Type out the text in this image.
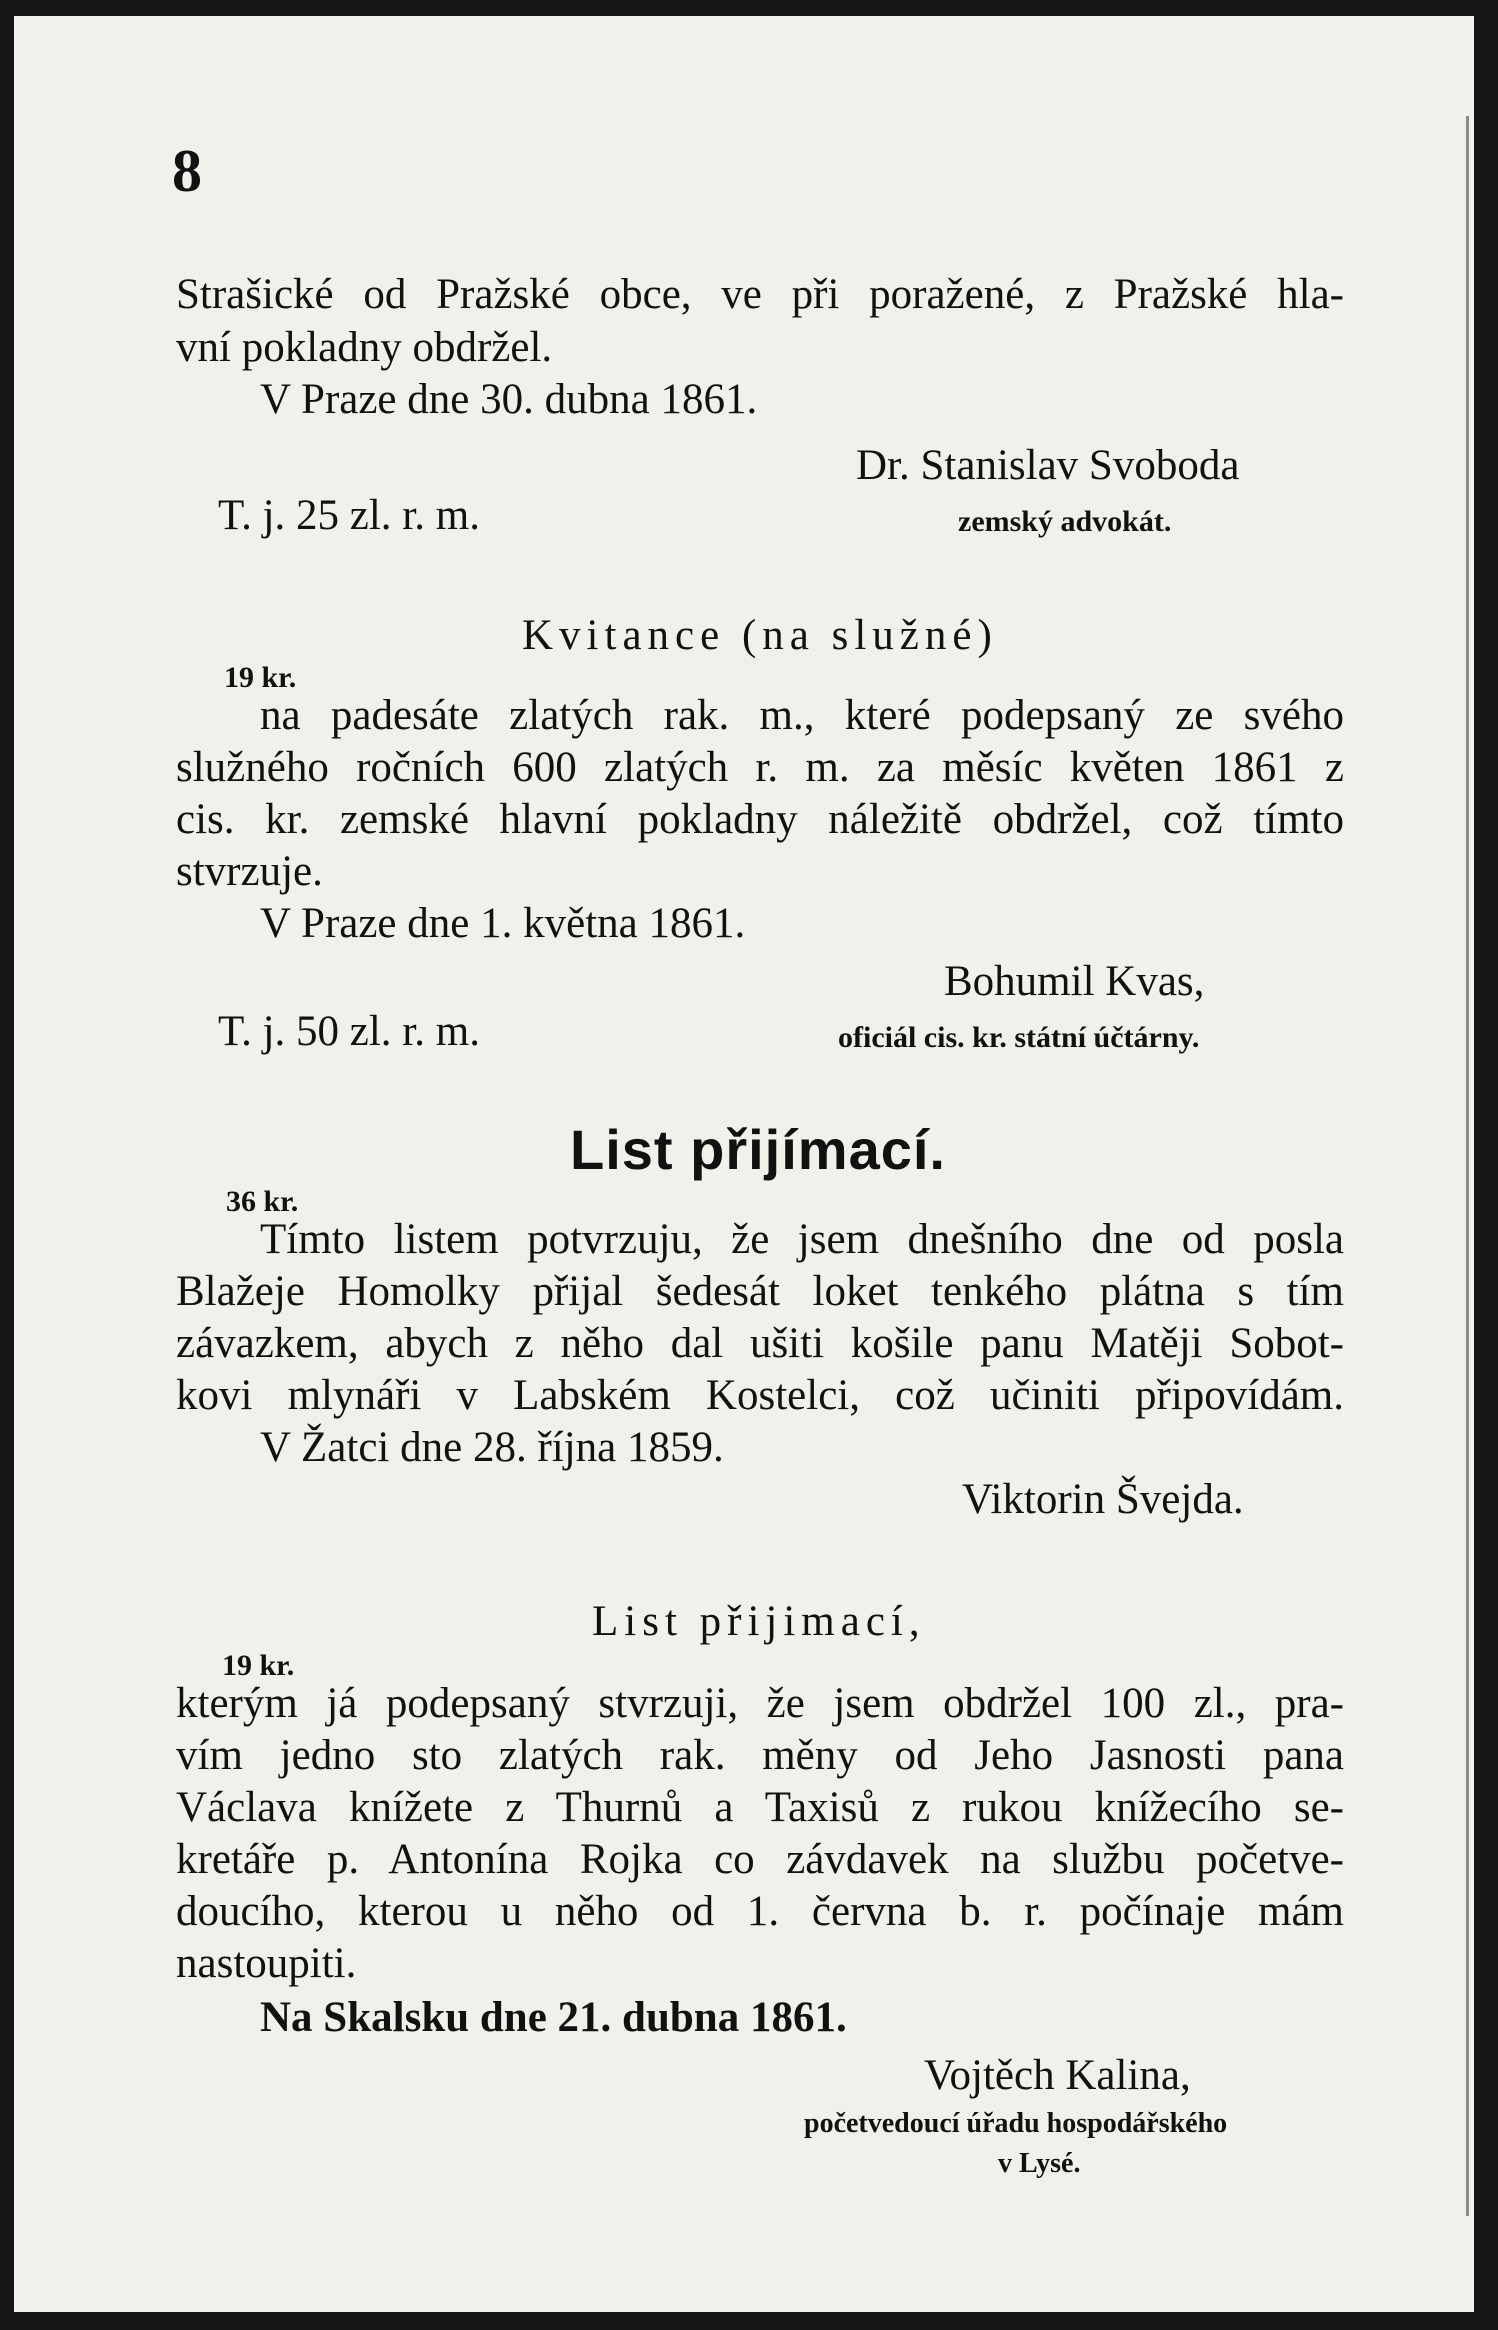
8
Strašické od Pražské obce, ve při poražené, z Pražské hla-
vní pokladny obdržel.
V Praze dne 30. dubna 1861.
Dr. Stanislav Svoboda
T. j. 25 zl. r. m.	zemský advokát.
Kvitance (na služné)
19 kr.
na padesáte zlatých rak. m., které podepsaný ze svého
služného ročních 600 zlatých r. m. za měsíc květen 1861 z
cis. kr. zemské hlavní pokladny náležitě obdržel, což tímto
stvrzuje.
V Praze dne 1. května 1861.
Bohumil Kvas,
T. j. 50 zl. r. m.	oficiál cis. kr. státní účtárny.
List přijímací.
36 kr.
Tímto listem potvrzuju, že jsem dnešního dne od posla
Blažeje Homolky přijal šedesát loket tenkého plátna s tím
závazkem, abych z něho dal ušiti košile panu Matěji Sobot-
kovi mlynáři v Labském Kostelci, což učiniti připovídám.
V Žatci dne 28. října 1859.
Viktorin Švejda.
List přijimací,
19 kr.
kterým já podepsaný stvrzuji, že jsem obdržel 100 zl., pra-
vím jedno sto zlatých rak. měny od Jeho Jasnosti pana
Václava knížete z Thurnů a Taxisů z rukou knížecího se-
kretáře p. Antonína Rojka co závdavek na službu početve-
doucího, kterou u něho od 1. června b. r. počínaje mám
nastoupiti.
Na Skalsku dne 21. dubna 1861.
Vojtěch Kalina,
početvedoucí úřadu hospodářského
v Lysé.
